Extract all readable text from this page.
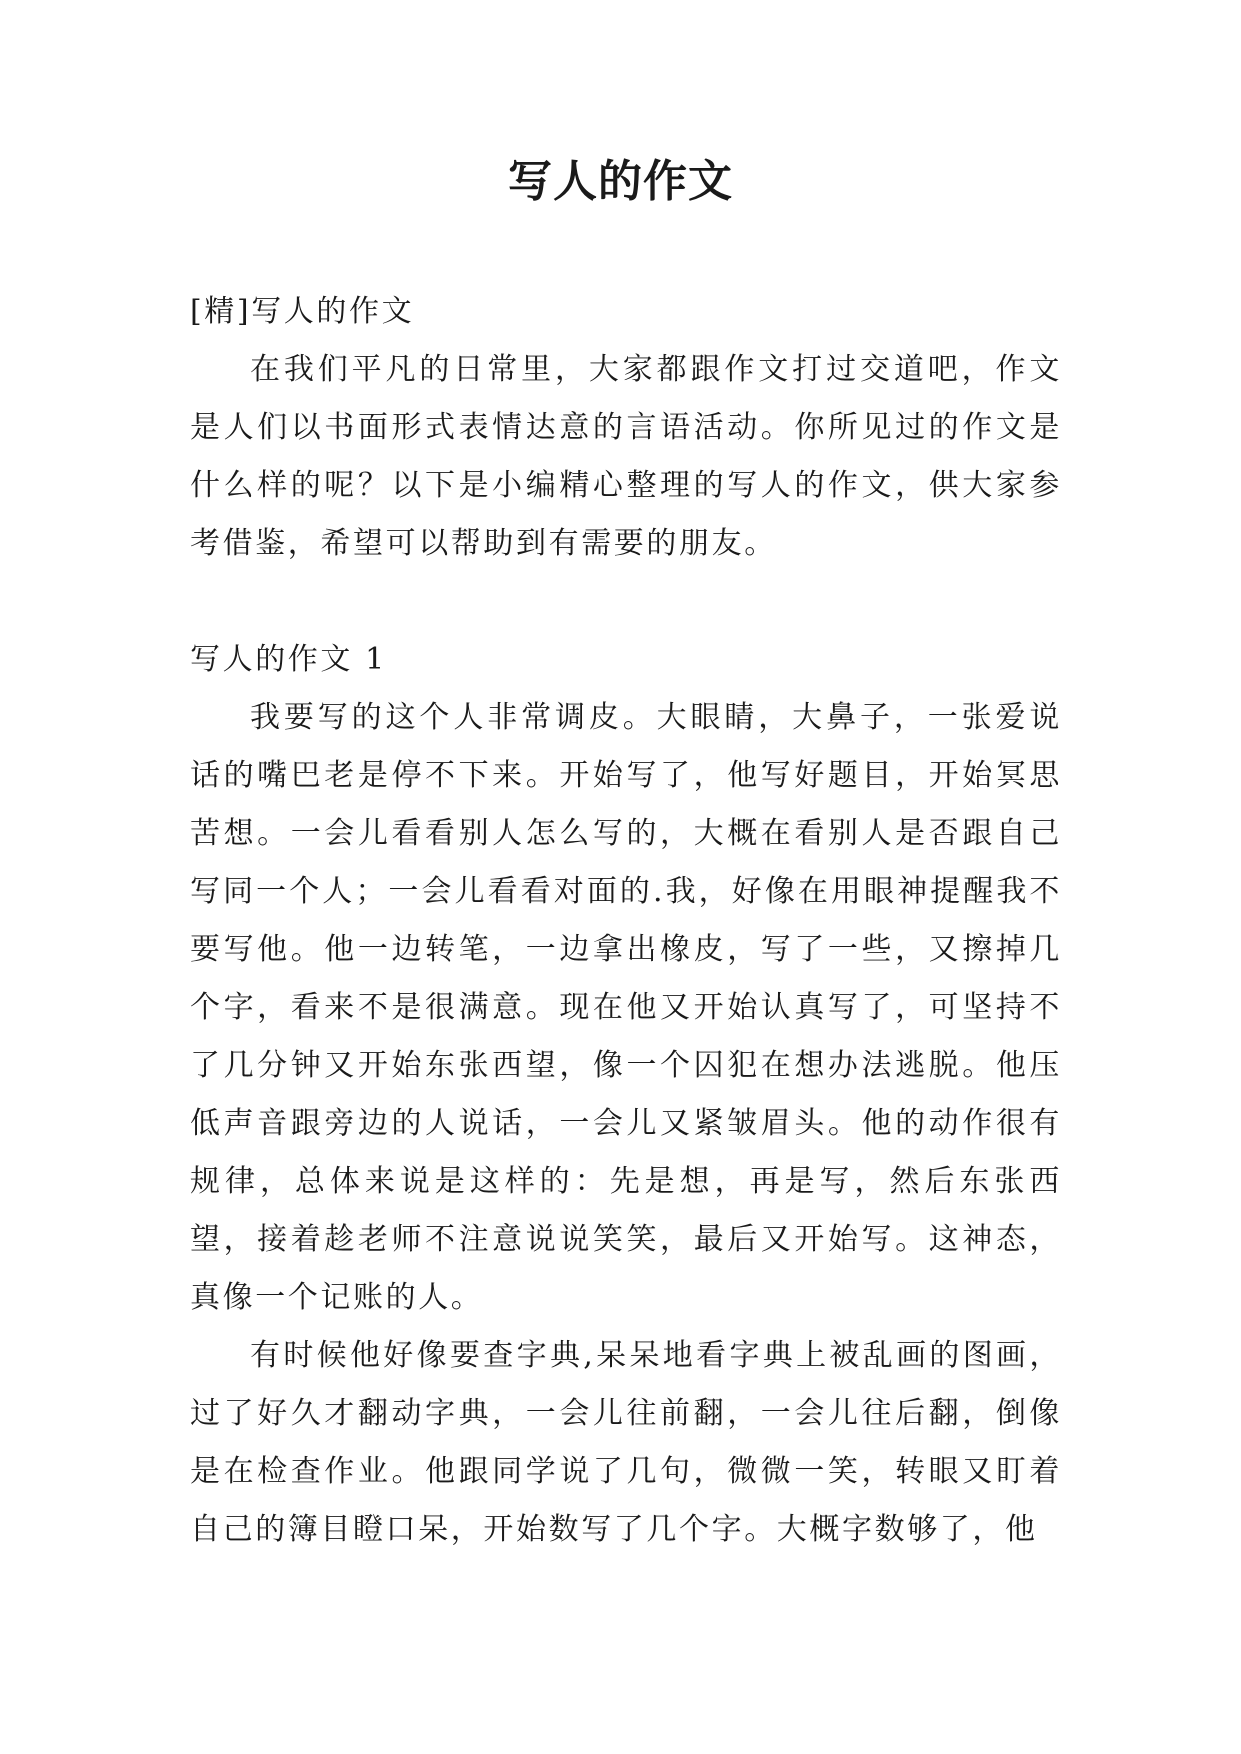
写人的作文

[精]写人的作文

在我们平凡的日常里，大家都跟作文打过交道吧，作文是人们以书面形式表情达意的言语活动。你所见过的作文是什么样的呢？以下是小编精心整理的写人的作文，供大家参考借鉴，希望可以帮助到有需要的朋友。

写人的作文 1

我要写的这个人非常调皮。大眼睛，大鼻子，一张爱说话的嘴巴老是停不下来。开始写了，他写好题目，开始冥思苦想。一会儿看看别人怎么写的，大概在看别人是否跟自己写同一个人；一会儿看看对面的.我，好像在用眼神提醒我不要写他。他一边转笔，一边拿出橡皮，写了一些，又擦掉几个字，看来不是很满意。现在他又开始认真写了，可坚持不了几分钟又开始东张西望，像一个囚犯在想办法逃脱。他压低声音跟旁边的人说话，一会儿又紧皱眉头。他的动作很有规律，总体来说是这样的：先是想，再是写，然后东张西望，接着趁老师不注意说说笑笑，最后又开始写。这神态，真像一个记账的人。

有时候他好像要查字典,呆呆地看字典上被乱画的图画，过了好久才翻动字典，一会儿往前翻，一会儿往后翻，倒像是在检查作业。他跟同学说了几句，微微一笑，转眼又盯着自己的簿目瞪口呆，开始数写了几个字。大概字数够了，他
